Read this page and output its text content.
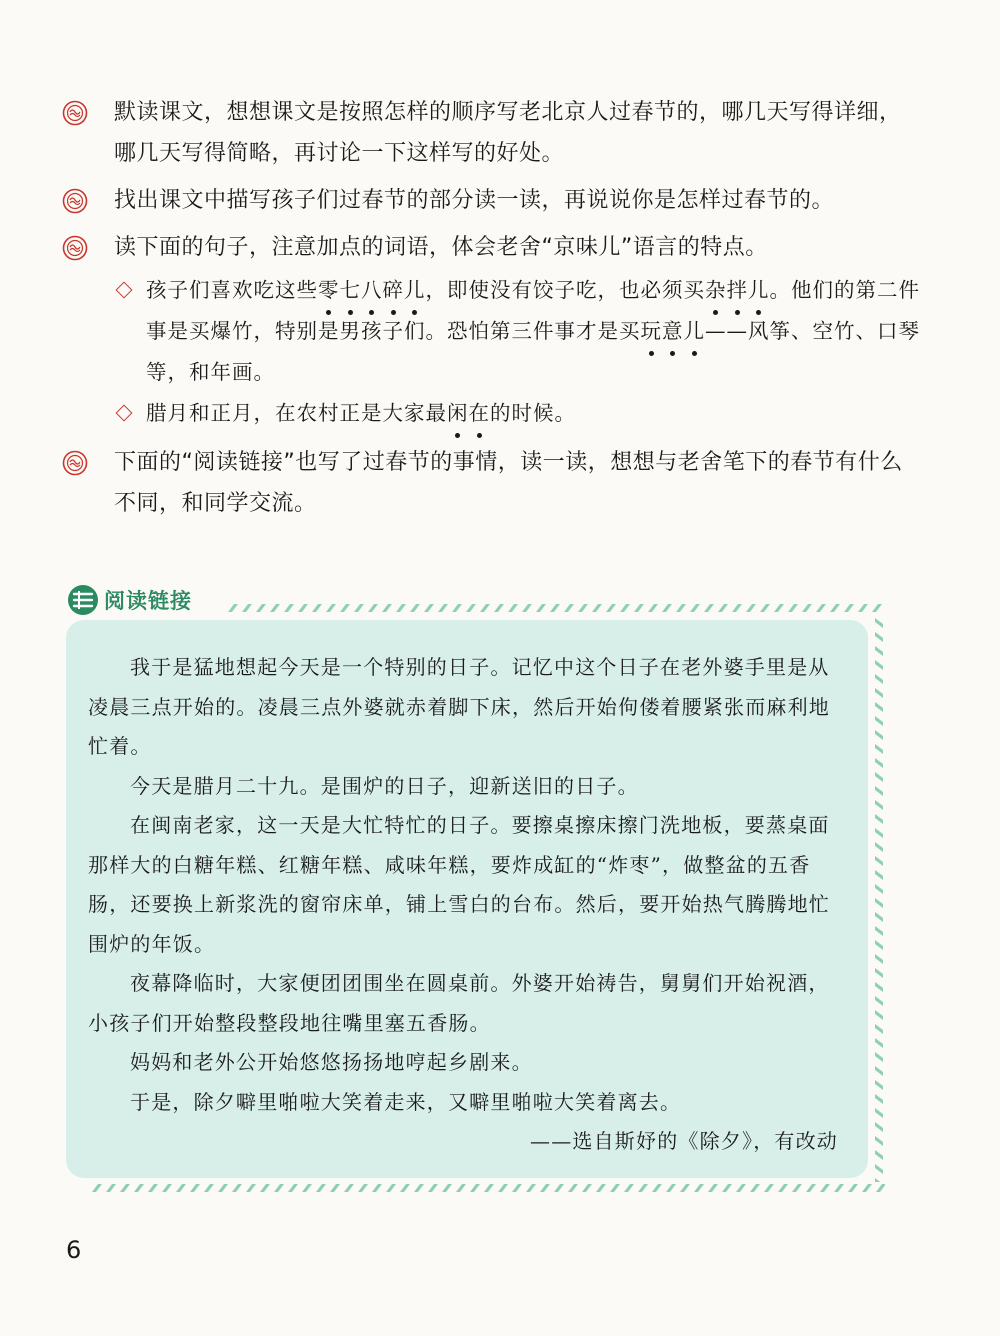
默读课文，想想课文是按照怎样的顺序写老北京人过春节的，哪几天写得详细，哪几天写得简略，再讨论一下这样写的好处。
找出课文中描写孩子们过春节的部分读一读，再说说你是怎样过春节的。
读下面的句子，注意加点的词语，体会老舍“京味儿”语言的特点。
孩子们喜欢吃这些零七八碎儿，即使没有饺子吃，也必须买杂拌儿。他们的第二件事是买爆竹，特别是男孩子们。恐怕第三件事才是买玩意儿——风筝、空竹、口琴等，和年画。
腊月和正月，在农村正是大家最闲在的时候。
下面的“阅读链接”也写了过春节的事情，读一读，想想与老舍笔下的春节有什么不同，和同学交流。
阅读链接

我于是猛地想起今天是一个特别的日子。记忆中这个日子在老外婆手里是从凌晨三点开始的。凌晨三点外婆就赤着脚下床，然后开始佝偻着腰紧张而麻利地忙着。

今天是腊月二十九。是围炉的日子，迎新送旧的日子。

在闽南老家，这一天是大忙特忙的日子。要擦桌擦床擦门洗地板，要蒸桌面那样大的白糖年糕、红糖年糕、咸味年糕，要炸成缸的“炸枣”，做整盆的五香肠，还要换上新浆洗的窗帘床单，铺上雪白的台布。然后，要开始热气腾腾地忙围炉的年饭。

夜幕降临时，大家便团团围坐在圆桌前。外婆开始祷告，舅舅们开始祝酒，小孩子们开始整段整段地往嘴里塞五香肠。

妈妈和老外公开始悠悠扬扬地哼起乡剧来。

于是，除夕噼里啪啦大笑着走来，又噼里啪啦大笑着离去。

——选自斯妤的《除夕》，有改动

6
